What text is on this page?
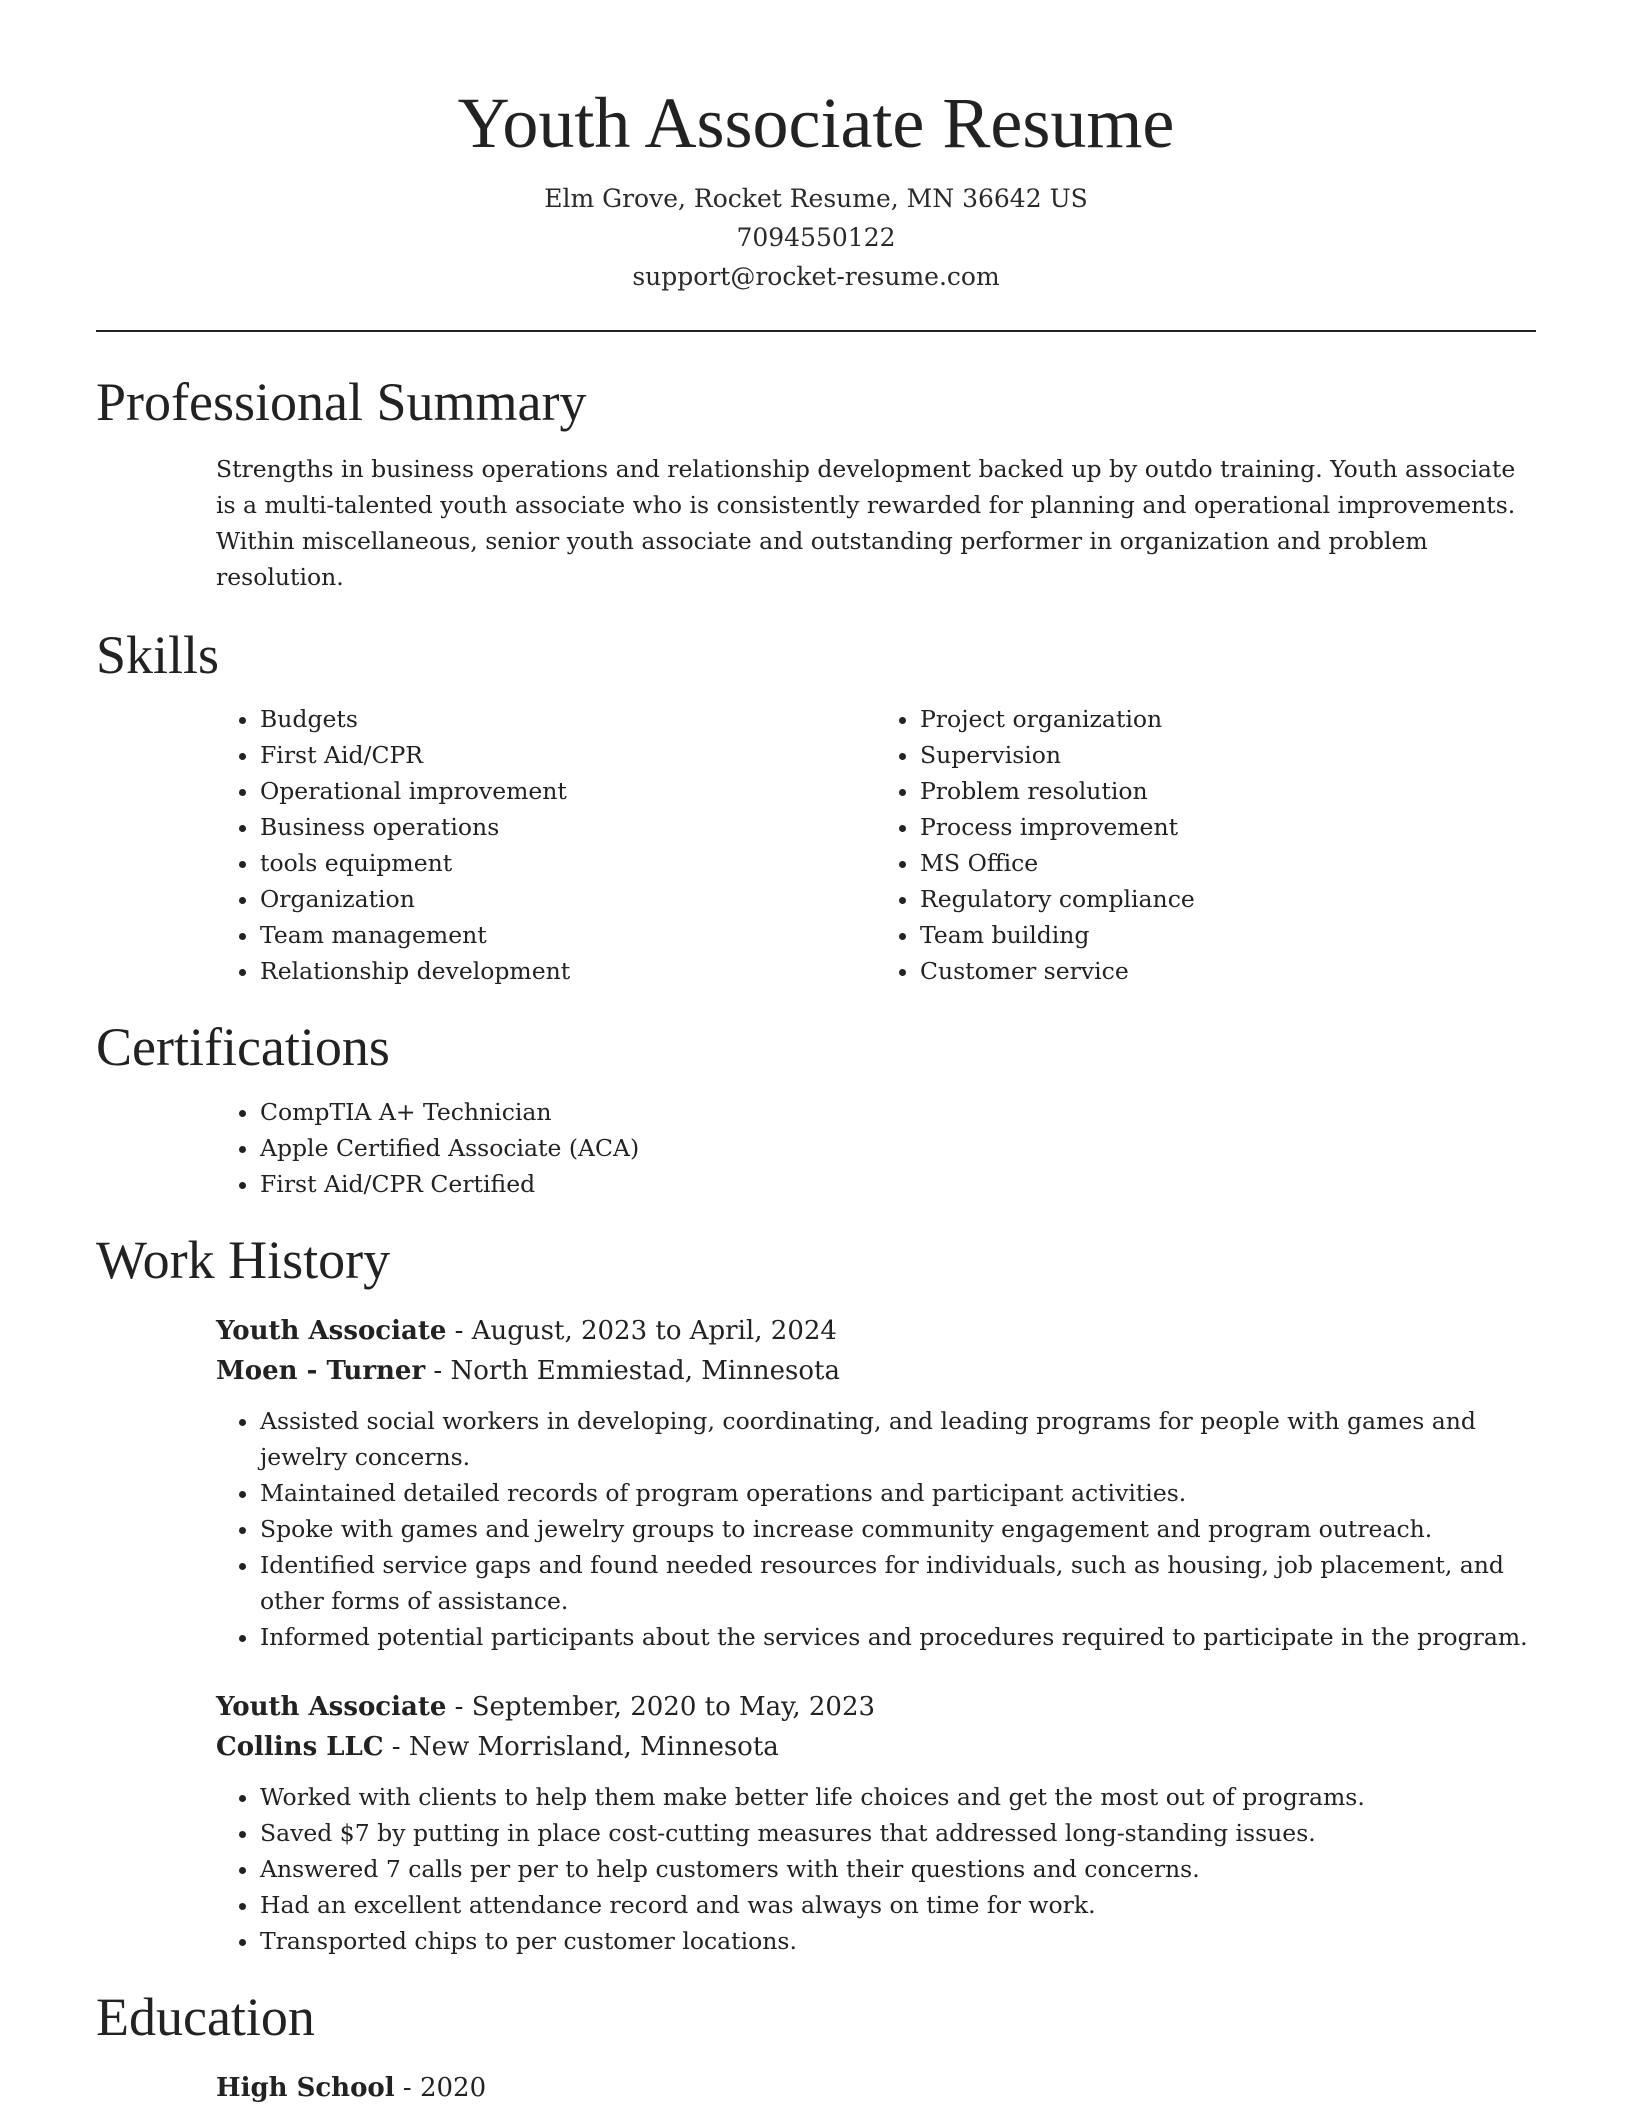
Youth Associate Resume
Elm Grove, Rocket Resume, MN 36642 US
7094550122
support@rocket-resume.com
Professional Summary

Strengths in business operations and relationship development backed up by outdo training. Youth associate is a multi-talented youth associate who is consistently rewarded for planning and operational improvements. Within miscellaneous, senior youth associate and outstanding performer in organization and problem resolution.

Skills
• Budgets
• First Aid/CPR
• Operational improvement
• Business operations
• tools equipment
• Organization
• Team management
• Relationship development
• Project organization
• Supervision
• Problem resolution
• Process improvement
• MS Office
• Regulatory compliance
• Team building
• Customer service
Certifications
• CompTIA A+ Technician
• Apple Certified Associate (ACA)
• First Aid/CPR Certified
Work History
Youth Associate - August, 2023 to April, 2024
Moen - Turner - North Emmiestad, Minnesota
• Assisted social workers in developing, coordinating, and leading programs for people with games and jewelry concerns.
• Maintained detailed records of program operations and participant activities.
• Spoke with games and jewelry groups to increase community engagement and program outreach.
• Identified service gaps and found needed resources for individuals, such as housing, job placement, and other forms of assistance.
• Informed potential participants about the services and procedures required to participate in the program.
Youth Associate - September, 2020 to May, 2023
Collins LLC - New Morrisland, Minnesota
• Worked with clients to help them make better life choices and get the most out of programs.
• Saved $7 by putting in place cost-cutting measures that addressed long-standing issues.
• Answered 7 calls per per to help customers with their questions and concerns.
• Had an excellent attendance record and was always on time for work.
• Transported chips to per customer locations.
Education
High School - 2020
